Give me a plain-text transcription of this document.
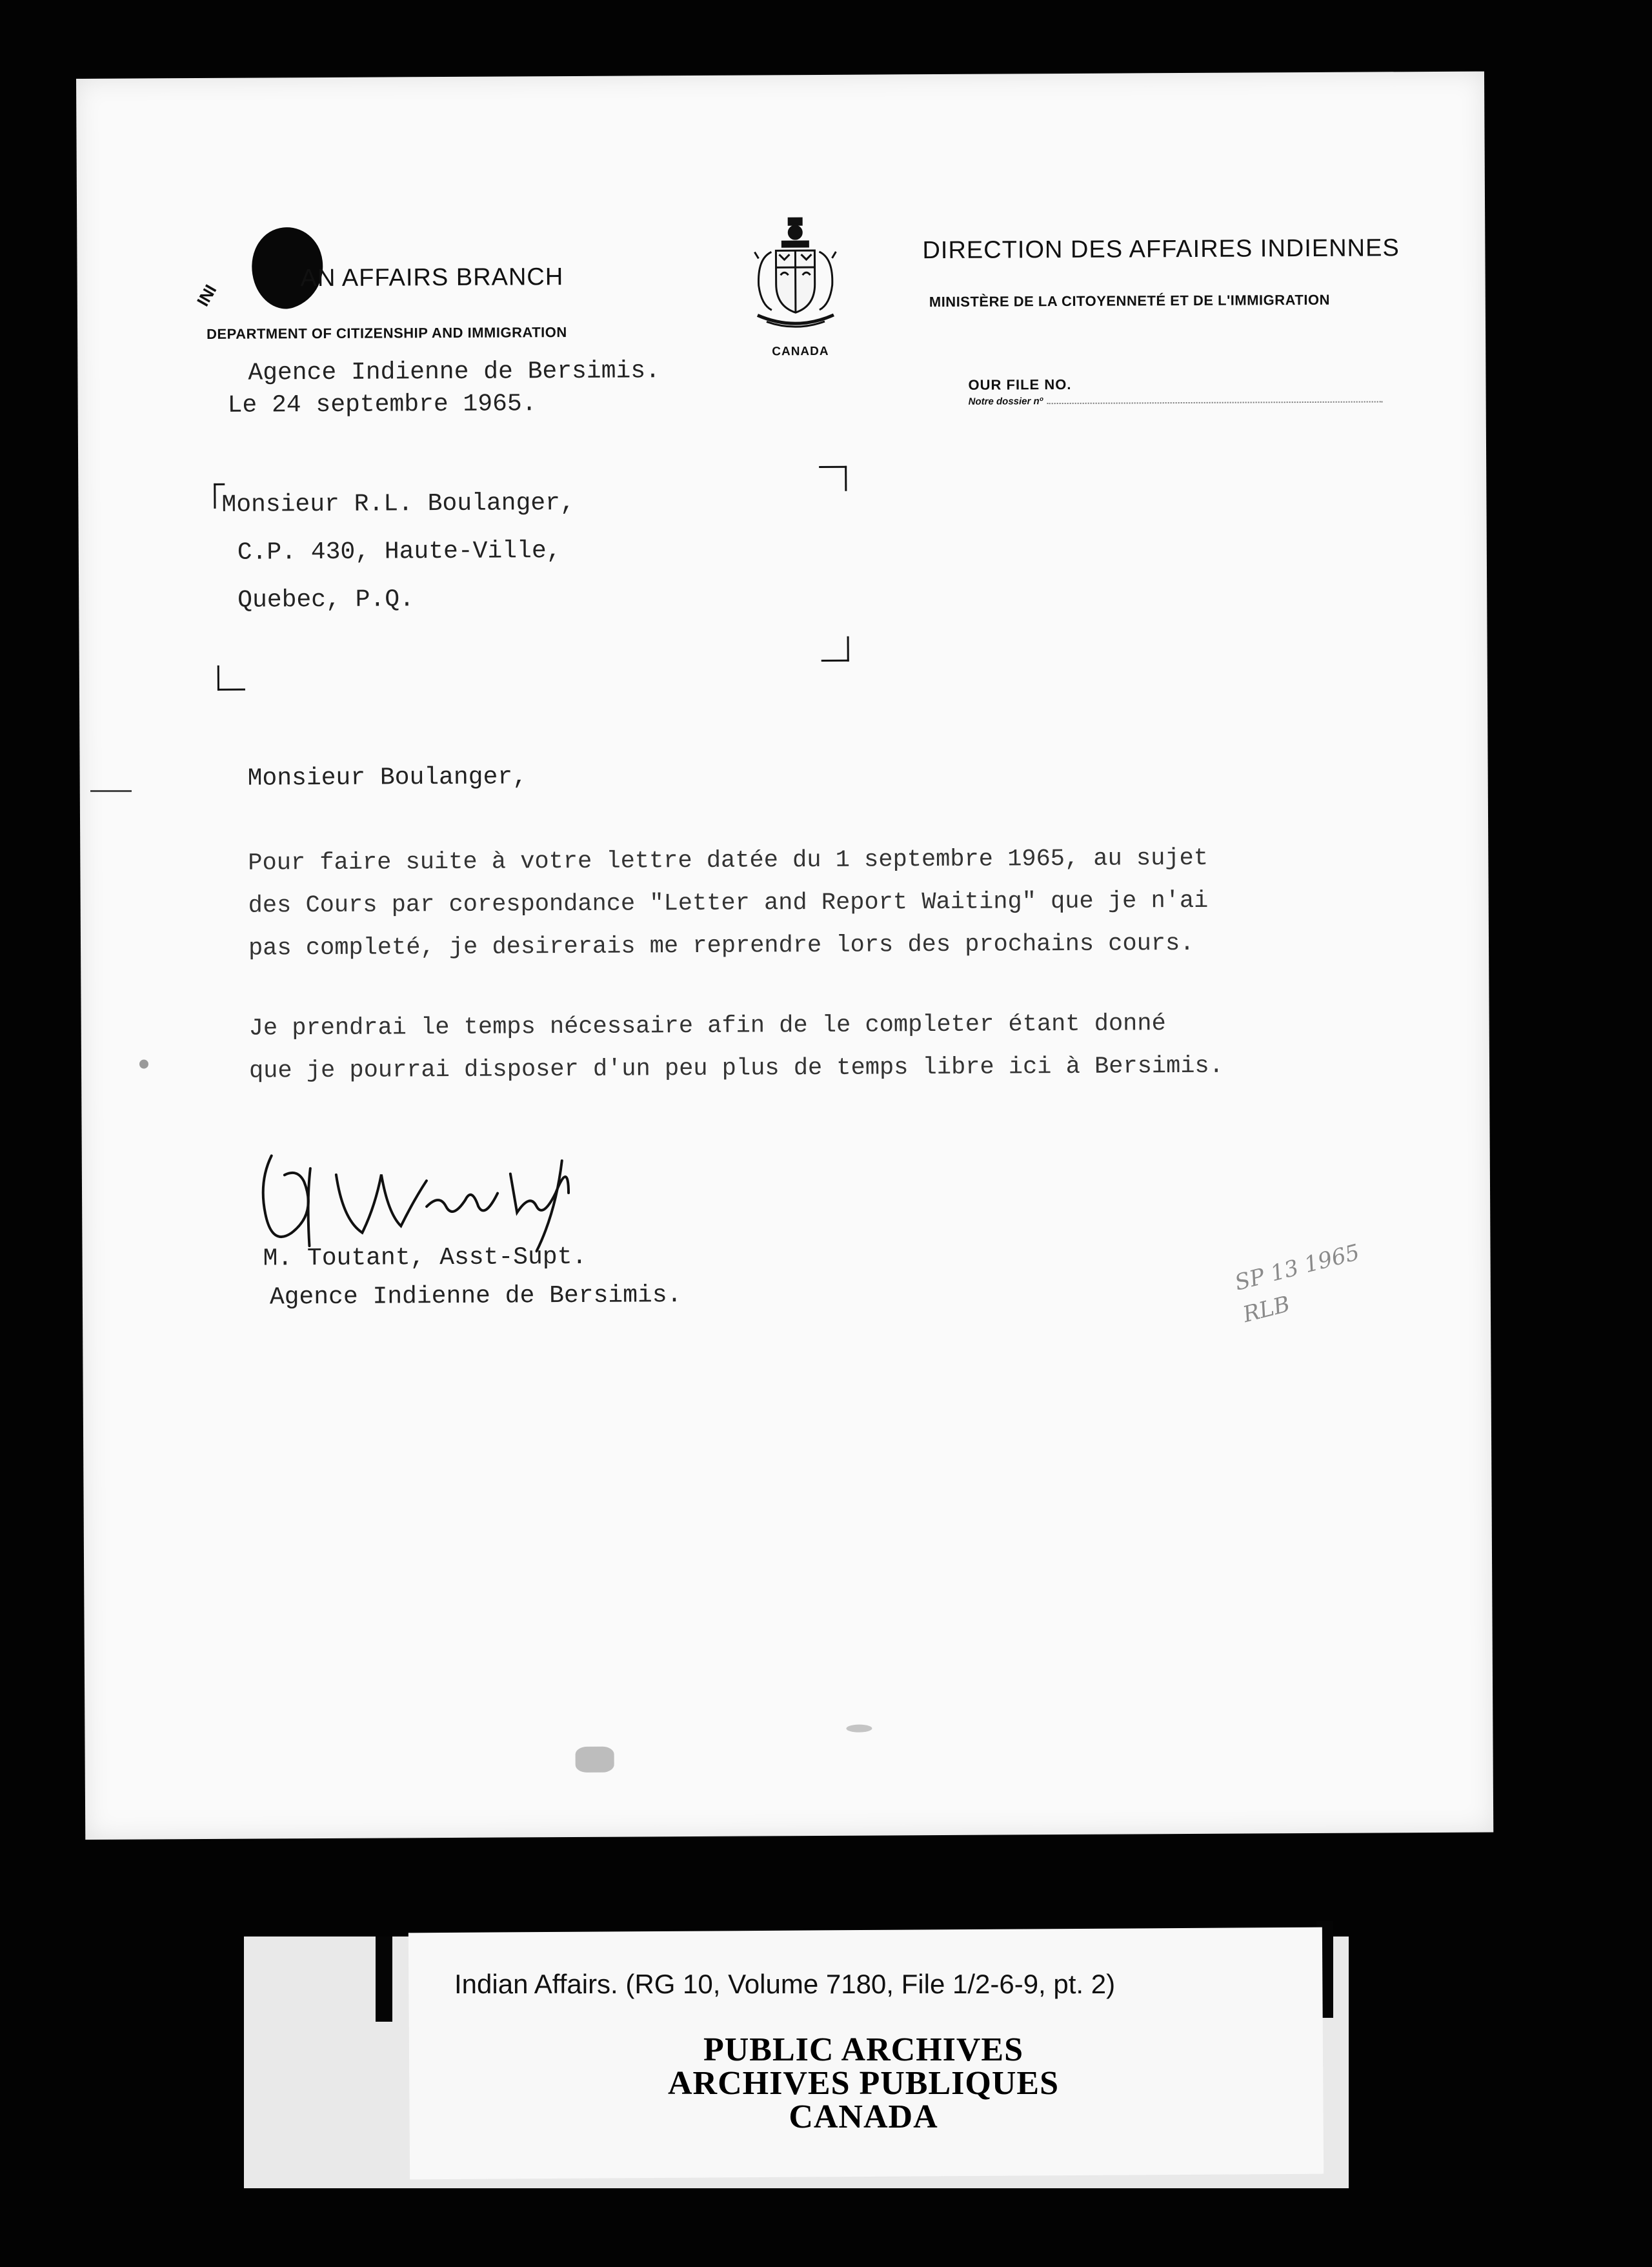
INI
AN AFFAIRS BRANCH
DEPARTMENT OF CITIZENSHIP AND IMMIGRATION
CANADA
DIRECTION DES AFFAIRES INDIENNES
MINISTÈRE DE LA CITOYENNETÉ ET DE L'IMMIGRATION
OUR FILE NO.
Notre dossier nº
Agence Indienne de Bersimis.
Le 24 septembre 1965.
Monsieur R.L. Boulanger,
C.P. 430, Haute-Ville,
Quebec, P.Q.
Monsieur Boulanger,
Pour faire suite à votre lettre datée du 1 septembre 1965, au sujet
des Cours par corespondance "Letter and Report Waiting" que je n'ai
pas completé, je desirerais me reprendre lors des prochains cours.
Je prendrai le temps nécessaire afin de le completer étant donné
que je pourrai disposer d'un peu plus de temps libre ici à Bersimis.
M. Toutant, Asst-Supt.
Agence Indienne de Bersimis.
SP 13 1965
RLB
Indian Affairs. (RG 10, Volume 7180, File 1/2-6-9, pt. 2)
PUBLIC ARCHIVES
ARCHIVES PUBLIQUES
CANADA
